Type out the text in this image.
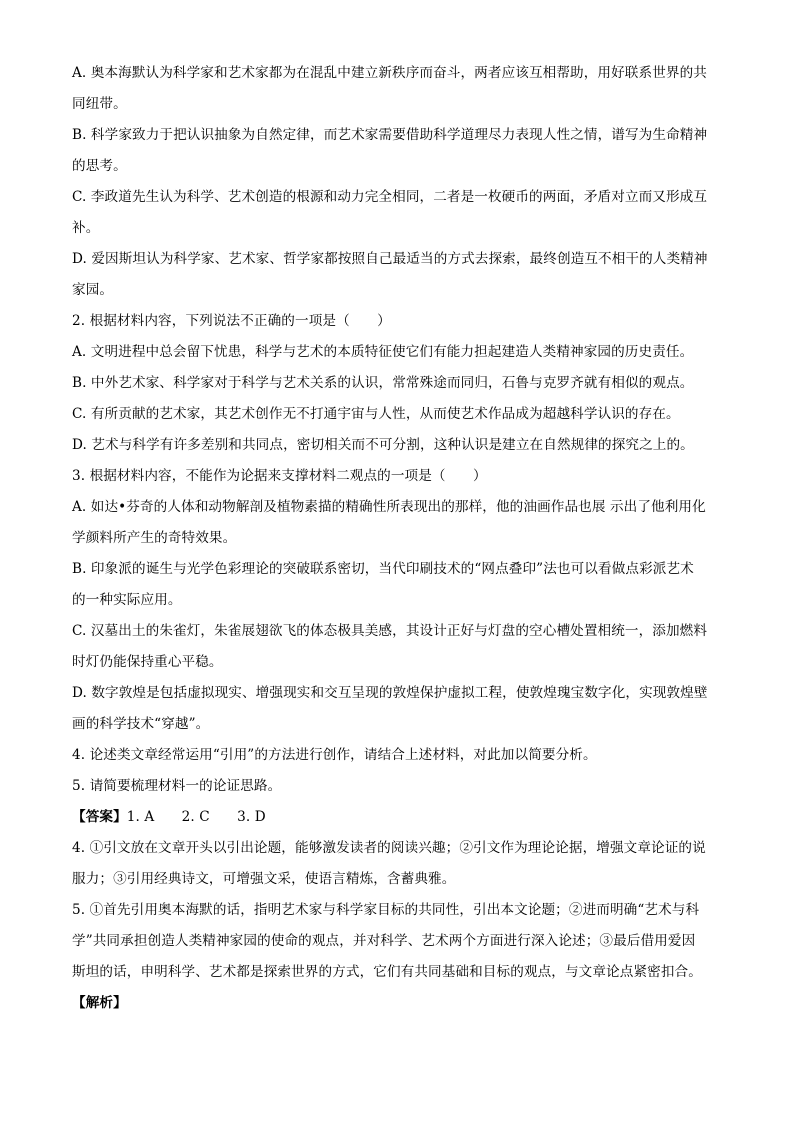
A. 奥本海默认为科学家和艺术家都为在混乱中建立新秩序而奋斗，两者应该互相帮助，用好联系世界的共
同纽带。
B. 科学家致力于把认识抽象为自然定律，而艺术家需要借助科学道理尽力表现人性之情，谱写为生命精神
的思考。
C. 李政道先生认为科学、艺术创造的根源和动力完全相同，二者是一枚硬币的两面，矛盾对立而又形成互
补。
D. 爱因斯坦认为科学家、艺术家、哲学家都按照自己最适当的方式去探索，最终创造互不相干的人类精神
家园。
2. 根据材料内容，下列说法不正确的一项是（　　）
A. 文明进程中总会留下忧患，科学与艺术的本质特征使它们有能力担起建造人类精神家园的历史责任。
B. 中外艺术家、科学家对于科学与艺术关系的认识，常常殊途而同归，石鲁与克罗齐就有相似的观点。
C. 有所贡献的艺术家，其艺术创作无不打通宇宙与人性，从而使艺术作品成为超越科学认识的存在。
D. 艺术与科学有许多差别和共同点，密切相关而不可分割，这种认识是建立在自然规律的探究之上的。
3. 根据材料内容，不能作为论据来支撑材料二观点的一项是（　　）
A. 如达•芬奇的人体和动物解剖及植物素描的精确性所表现出的那样，他的油画作品也展 示出了他利用化
学颜料所产生的奇特效果。
B. 印象派的诞生与光学色彩理论的突破联系密切，当代印刷技术的“网点叠印”法也可以看做点彩派艺术
的一种实际应用。
C. 汉墓出土的朱雀灯，朱雀展翅欲飞的体态极具美感，其设计正好与灯盘的空心槽处置相统一，添加燃料
时灯仍能保持重心平稳。
D. 数字敦煌是包括虚拟现实、增强现实和交互呈现的敦煌保护虚拟工程，使敦煌瑰宝数字化，实现敦煌壁
画的科学技术“穿越”。
4. 论述类文章经常运用“引用”的方法进行创作，请结合上述材料，对此加以简要分析。
5. 请简要梳理材料一的论证思路。
【答案】1. A　　2. C　　3. D
4. ①引文放在文章开头以引出论题，能够激发读者的阅读兴趣；②引文作为理论论据，增强文章论证的说
服力；③引用经典诗文，可增强文采，使语言精炼，含蓄典雅。
5. ①首先引用奥本海默的话，指明艺术家与科学家目标的共同性，引出本文论题；②进而明确“艺术与科
学”共同承担创造人类精神家园的使命的观点，并对科学、艺术两个方面进行深入论述；③最后借用爱因
斯坦的话，申明科学、艺术都是探索世界的方式，它们有共同基础和目标的观点，与文章论点紧密扣合。
【解析】
